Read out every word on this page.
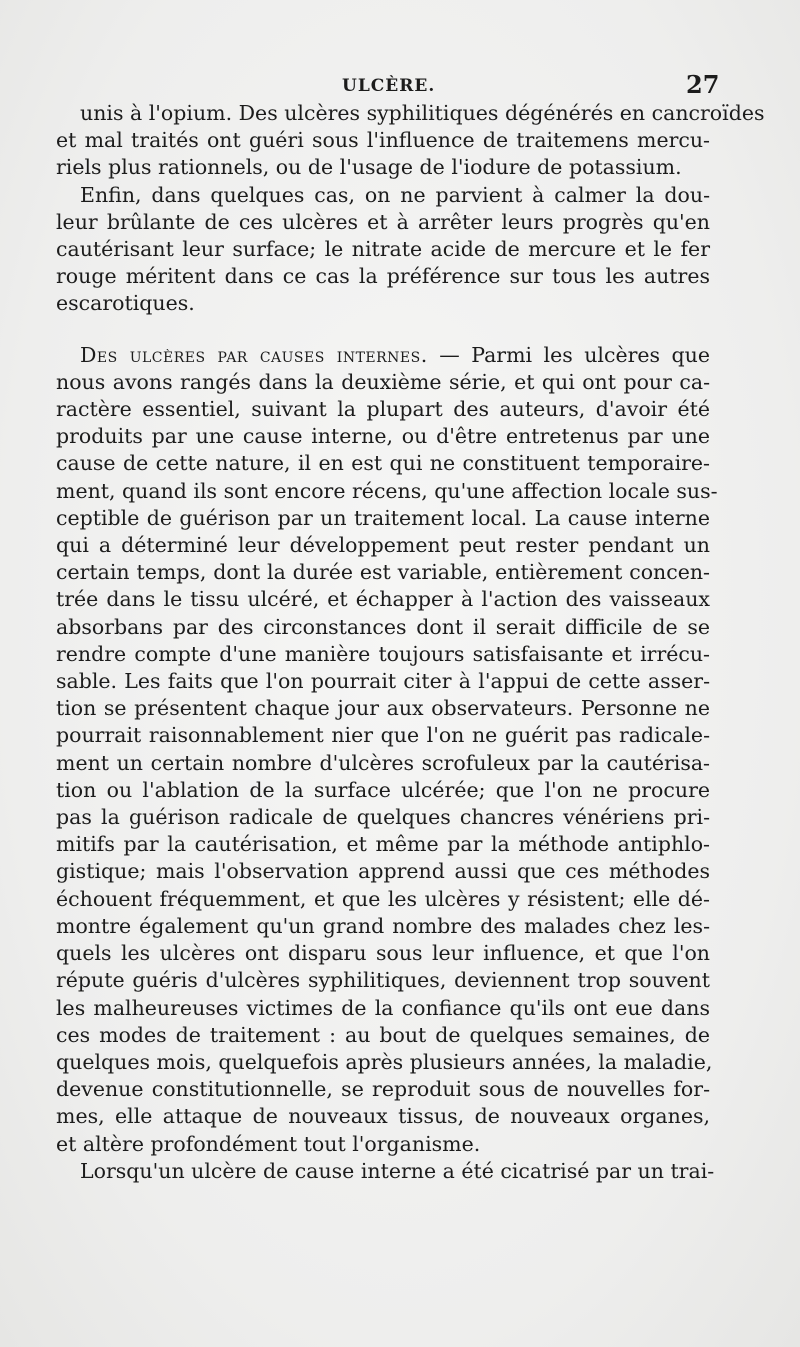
ULCÈRE.	27
unis à l'opium. Des ulcères syphilitiques dégénérés en cancroïdes
et mal traités ont guéri sous l'influence de traitemens mercu-
riels plus rationnels, ou de l'usage de l'iodure de potassium.
Enfin, dans quelques cas, on ne parvient à calmer la dou-
leur brûlante de ces ulcères et à arrêter leurs progrès qu'en
cautérisant leur surface; le nitrate acide de mercure et le fer
rouge méritent dans ce cas la préférence sur tous les autres
escarotiques.
Des ulcères par causes internes. — Parmi les ulcères que
nous avons rangés dans la deuxième série, et qui ont pour ca-
ractère essentiel, suivant la plupart des auteurs, d'avoir été
produits par une cause interne, ou d'être entretenus par une
cause de cette nature, il en est qui ne constituent temporaire-
ment, quand ils sont encore récens, qu'une affection locale sus-
ceptible de guérison par un traitement local. La cause interne
qui a déterminé leur développement peut rester pendant un
certain temps, dont la durée est variable, entièrement concen-
trée dans le tissu ulcéré, et échapper à l'action des vaisseaux
absorbans par des circonstances dont il serait difficile de se
rendre compte d'une manière toujours satisfaisante et irrécu-
sable. Les faits que l'on pourrait citer à l'appui de cette asser-
tion se présentent chaque jour aux observateurs. Personne ne
pourrait raisonnablement nier que l'on ne guérit pas radicale-
ment un certain nombre d'ulcères scrofuleux par la cautérisa-
tion ou l'ablation de la surface ulcérée; que l'on ne procure
pas la guérison radicale de quelques chancres vénériens pri-
mitifs par la cautérisation, et même par la méthode antiphlo-
gistique; mais l'observation apprend aussi que ces méthodes
échouent fréquemment, et que les ulcères y résistent; elle dé-
montre également qu'un grand nombre des malades chez les-
quels les ulcères ont disparu sous leur influence, et que l'on
répute guéris d'ulcères syphilitiques, deviennent trop souvent
les malheureuses victimes de la confiance qu'ils ont eue dans
ces modes de traitement : au bout de quelques semaines, de
quelques mois, quelquefois après plusieurs années, la maladie,
devenue constitutionnelle, se reproduit sous de nouvelles for-
mes, elle attaque de nouveaux tissus, de nouveaux organes,
et altère profondément tout l'organisme.
Lorsqu'un ulcère de cause interne a été cicatrisé par un trai-
